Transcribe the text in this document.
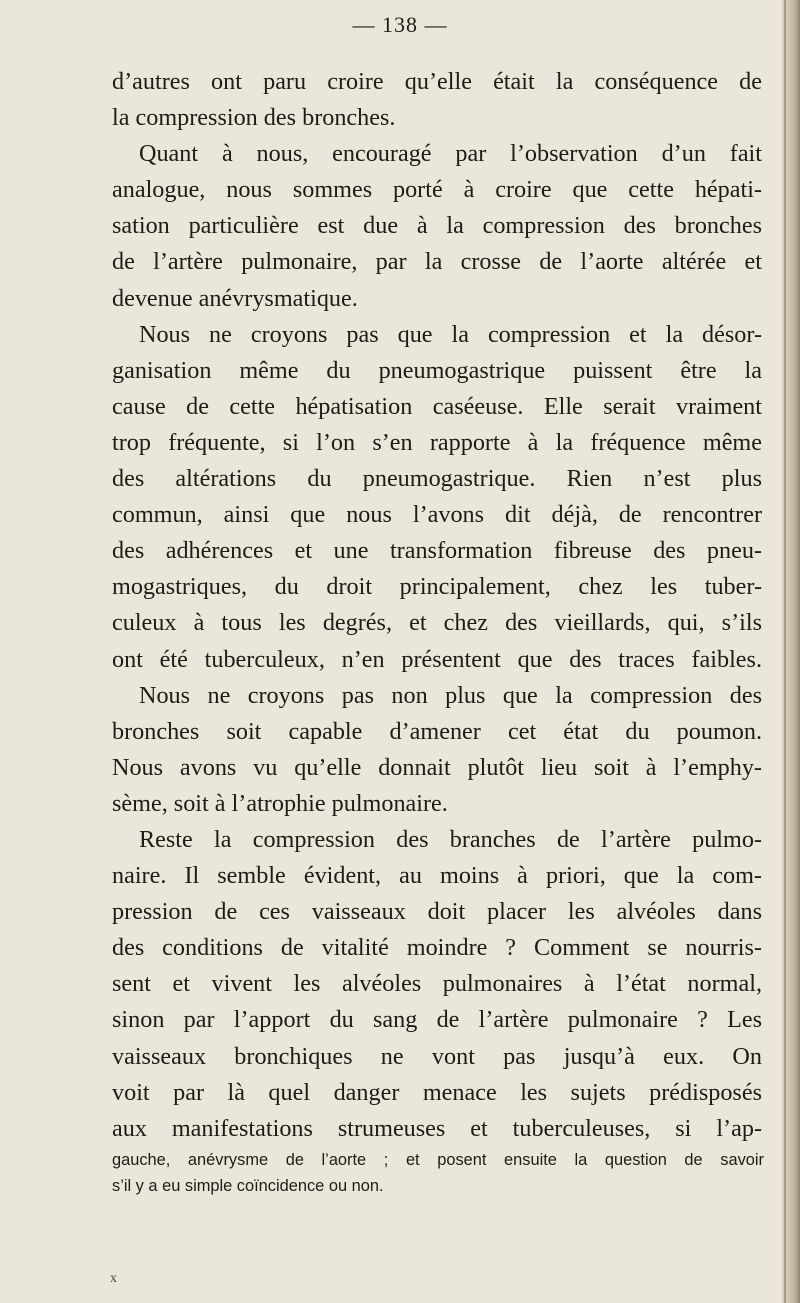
— 138 —
d’autres ont paru croire qu’elle était la conséquence de
la compression des bronches.
Quant à nous, encouragé par l’observation d’un fait
analogue, nous sommes porté à croire que cette hépati-
sation particulière est due à la compression des bronches
de l’artère pulmonaire, par la crosse de l’aorte altérée et
devenue anévrysmatique.
Nous ne croyons pas que la compression et la désor-
ganisation même du pneumogastrique puissent être la
cause de cette hépatisation caséeuse. Elle serait vraiment
trop fréquente, si l’on s’en rapporte à la fréquence même
des altérations du pneumogastrique. Rien n’est plus
commun, ainsi que nous l’avons dit déjà, de rencontrer
des adhérences et une transformation fibreuse des pneu-
mogastriques, du droit principalement, chez les tuber-
culeux à tous les degrés, et chez des vieillards, qui, s’ils
ont été tuberculeux, n’en présentent que des traces faibles.
Nous ne croyons pas non plus que la compression des
bronches soit capable d’amener cet état du poumon.
Nous avons vu qu’elle donnait plutôt lieu soit à l’emphy-
sème, soit à l’atrophie pulmonaire.
Reste la compression des branches de l’artère pulmo-
naire. Il semble évident, au moins à priori, que la com-
pression de ces vaisseaux doit placer les alvéoles dans
des conditions de vitalité moindre ? Comment se nourris-
sent et vivent les alvéoles pulmonaires à l’état normal,
sinon par l’apport du sang de l’artère pulmonaire ? Les
vaisseaux bronchiques ne vont pas jusqu’à eux. On
voit par là quel danger menace les sujets prédisposés
aux manifestations strumeuses et tuberculeuses, si l’ap-
gauche, anévrysme de l’aorte ; et posent ensuite la question de savoir
s’il y a eu simple coïncidence ou non.
x
